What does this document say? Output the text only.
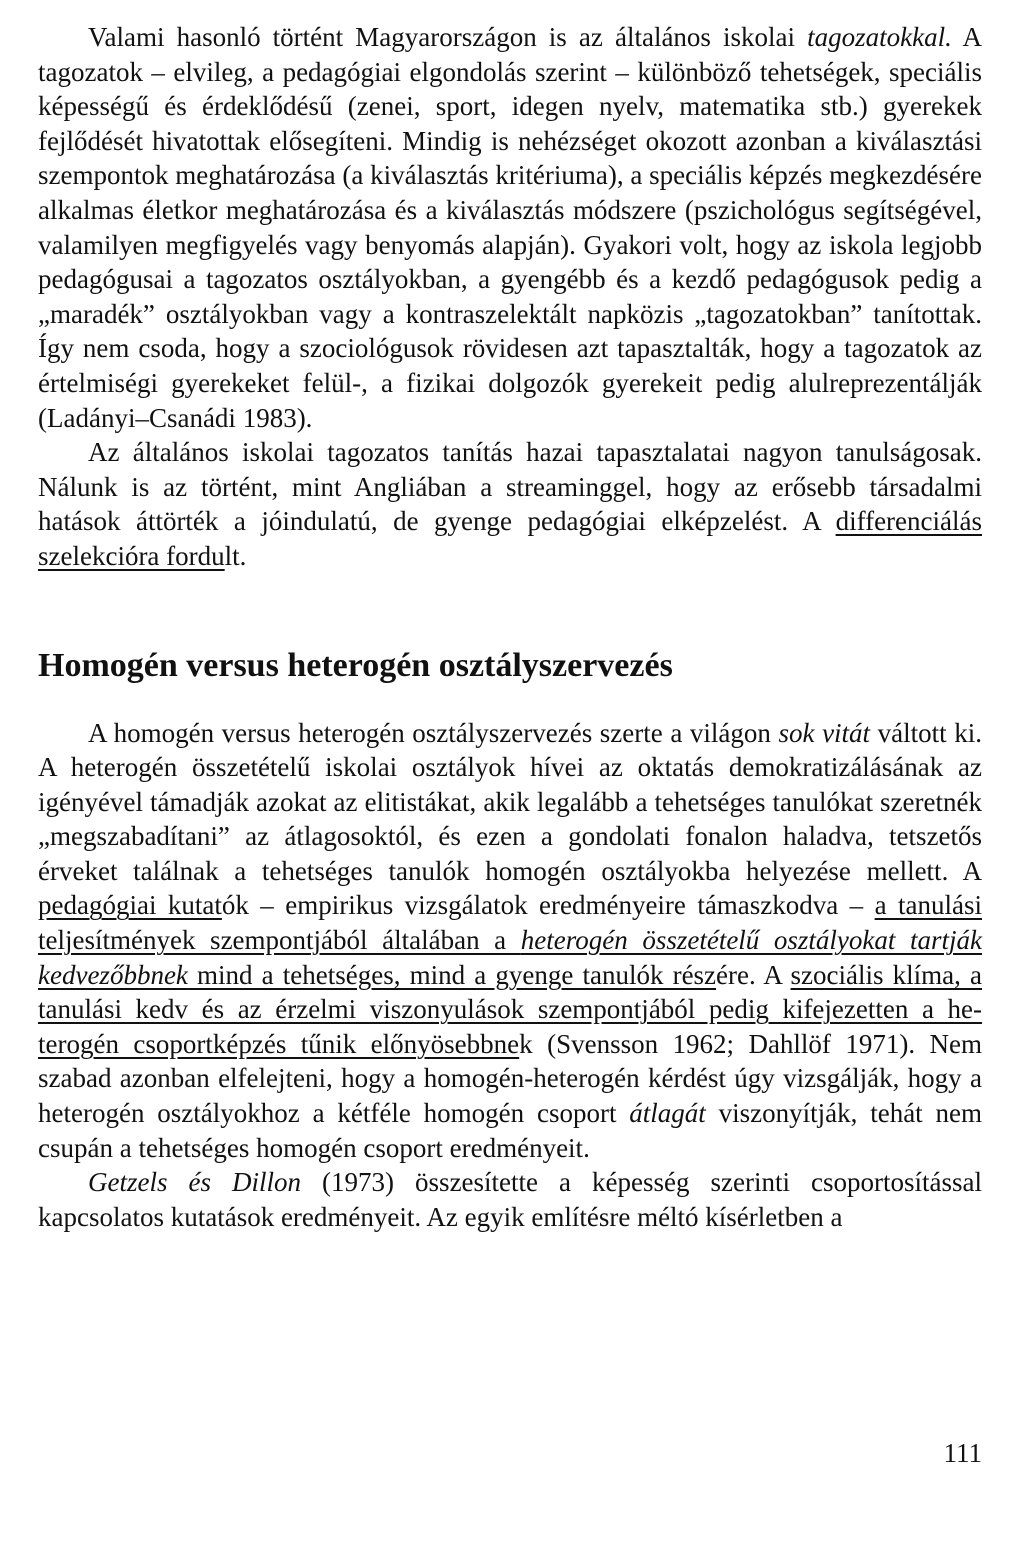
Valami hasonló történt Magyarországon is az általános iskolai tagozatokkal. A tagozatok – elvileg, a pedagógiai elgondolás szerint – különböző tehetségek, speciális képességű és érdeklődésű (zenei, sport, idegen nyelv, matematika stb.) gyerekek fejlődését hivatottak elősegíteni. Mindig is nehézséget okozott azonban a kiválasztási szempontok meghatározása (a kiválasztás kritériuma), a speciális képzés megkezdésére alkalmas életkor meghatározása és a kiválasztás módszere (pszichológus segítségével, valamilyen megfigyelés vagy benyomás alapján). Gyakori volt, hogy az iskola legjobb pedagógusai a tagozatos osztályokban, a gyengébb és a kezdő pedagógusok pedig a „maradék” osztályokban vagy a kontraszelektált napközis „tagozatokban” tanítottak. Így nem csoda, hogy a szociológusok rövidesen azt tapasztalták, hogy a tagozatok az értelmiségi gyerekeket felül-, a fizikai dolgozók gyerekeit pedig alulreprezentálják (Ladányi–Csanádi 1983).

Az általános iskolai tagozatos tanítás hazai tapasztalatai nagyon tanulságosak. Nálunk is az történt, mint Angliában a streaminggel, hogy az erősebb társadalmi hatások áttörték a jóindulatú, de gyenge pedagógiai elképzelést. A differenciálás szelekcióra fordult.

Homogén versus heterogén osztályszervezés

A homogén versus heterogén osztályszervezés szerte a világon sok vitát váltott ki. A heterogén összetételű iskolai osztályok hívei az oktatás demokratizálásának az igényével támadják azokat az elitistákat, akik legalább a tehetséges tanulókat szeretnék „megszabadítani” az átlagosoktól, és ezen a gondolati fonalon haladva, tetszetős érveket találnak a tehetséges tanulók homogén osztályokba helyezése mellett. A pedagógiai kutatók – empirikus vizsgálatok eredményeire támaszkodva – a tanulási teljesítmények szempontjából általában a heterogén összetételű osztályokat tartják kedvezőbbnek mind a tehetséges, mind a gyenge tanulók részére. A szociális klíma, a tanulási kedv és az érzelmi viszonyulások szempontjából pedig kifejezetten a heterogén csoportképzés tűnik előnyösebbnek (Svensson 1962; Dahllöf 1971). Nem szabad azonban elfelejteni, hogy a homogén-heterogén kérdést úgy vizsgálják, hogy a heterogén osztályokhoz a kétféle homogén csoport átlagát viszonyítják, tehát nem csupán a tehetséges homogén csoport eredményeit.

Getzels és Dillon (1973) összesítette a képesség szerinti csoportosítással kapcsolatos kutatások eredményeit. Az egyik említésre méltó kísérletben a

111
